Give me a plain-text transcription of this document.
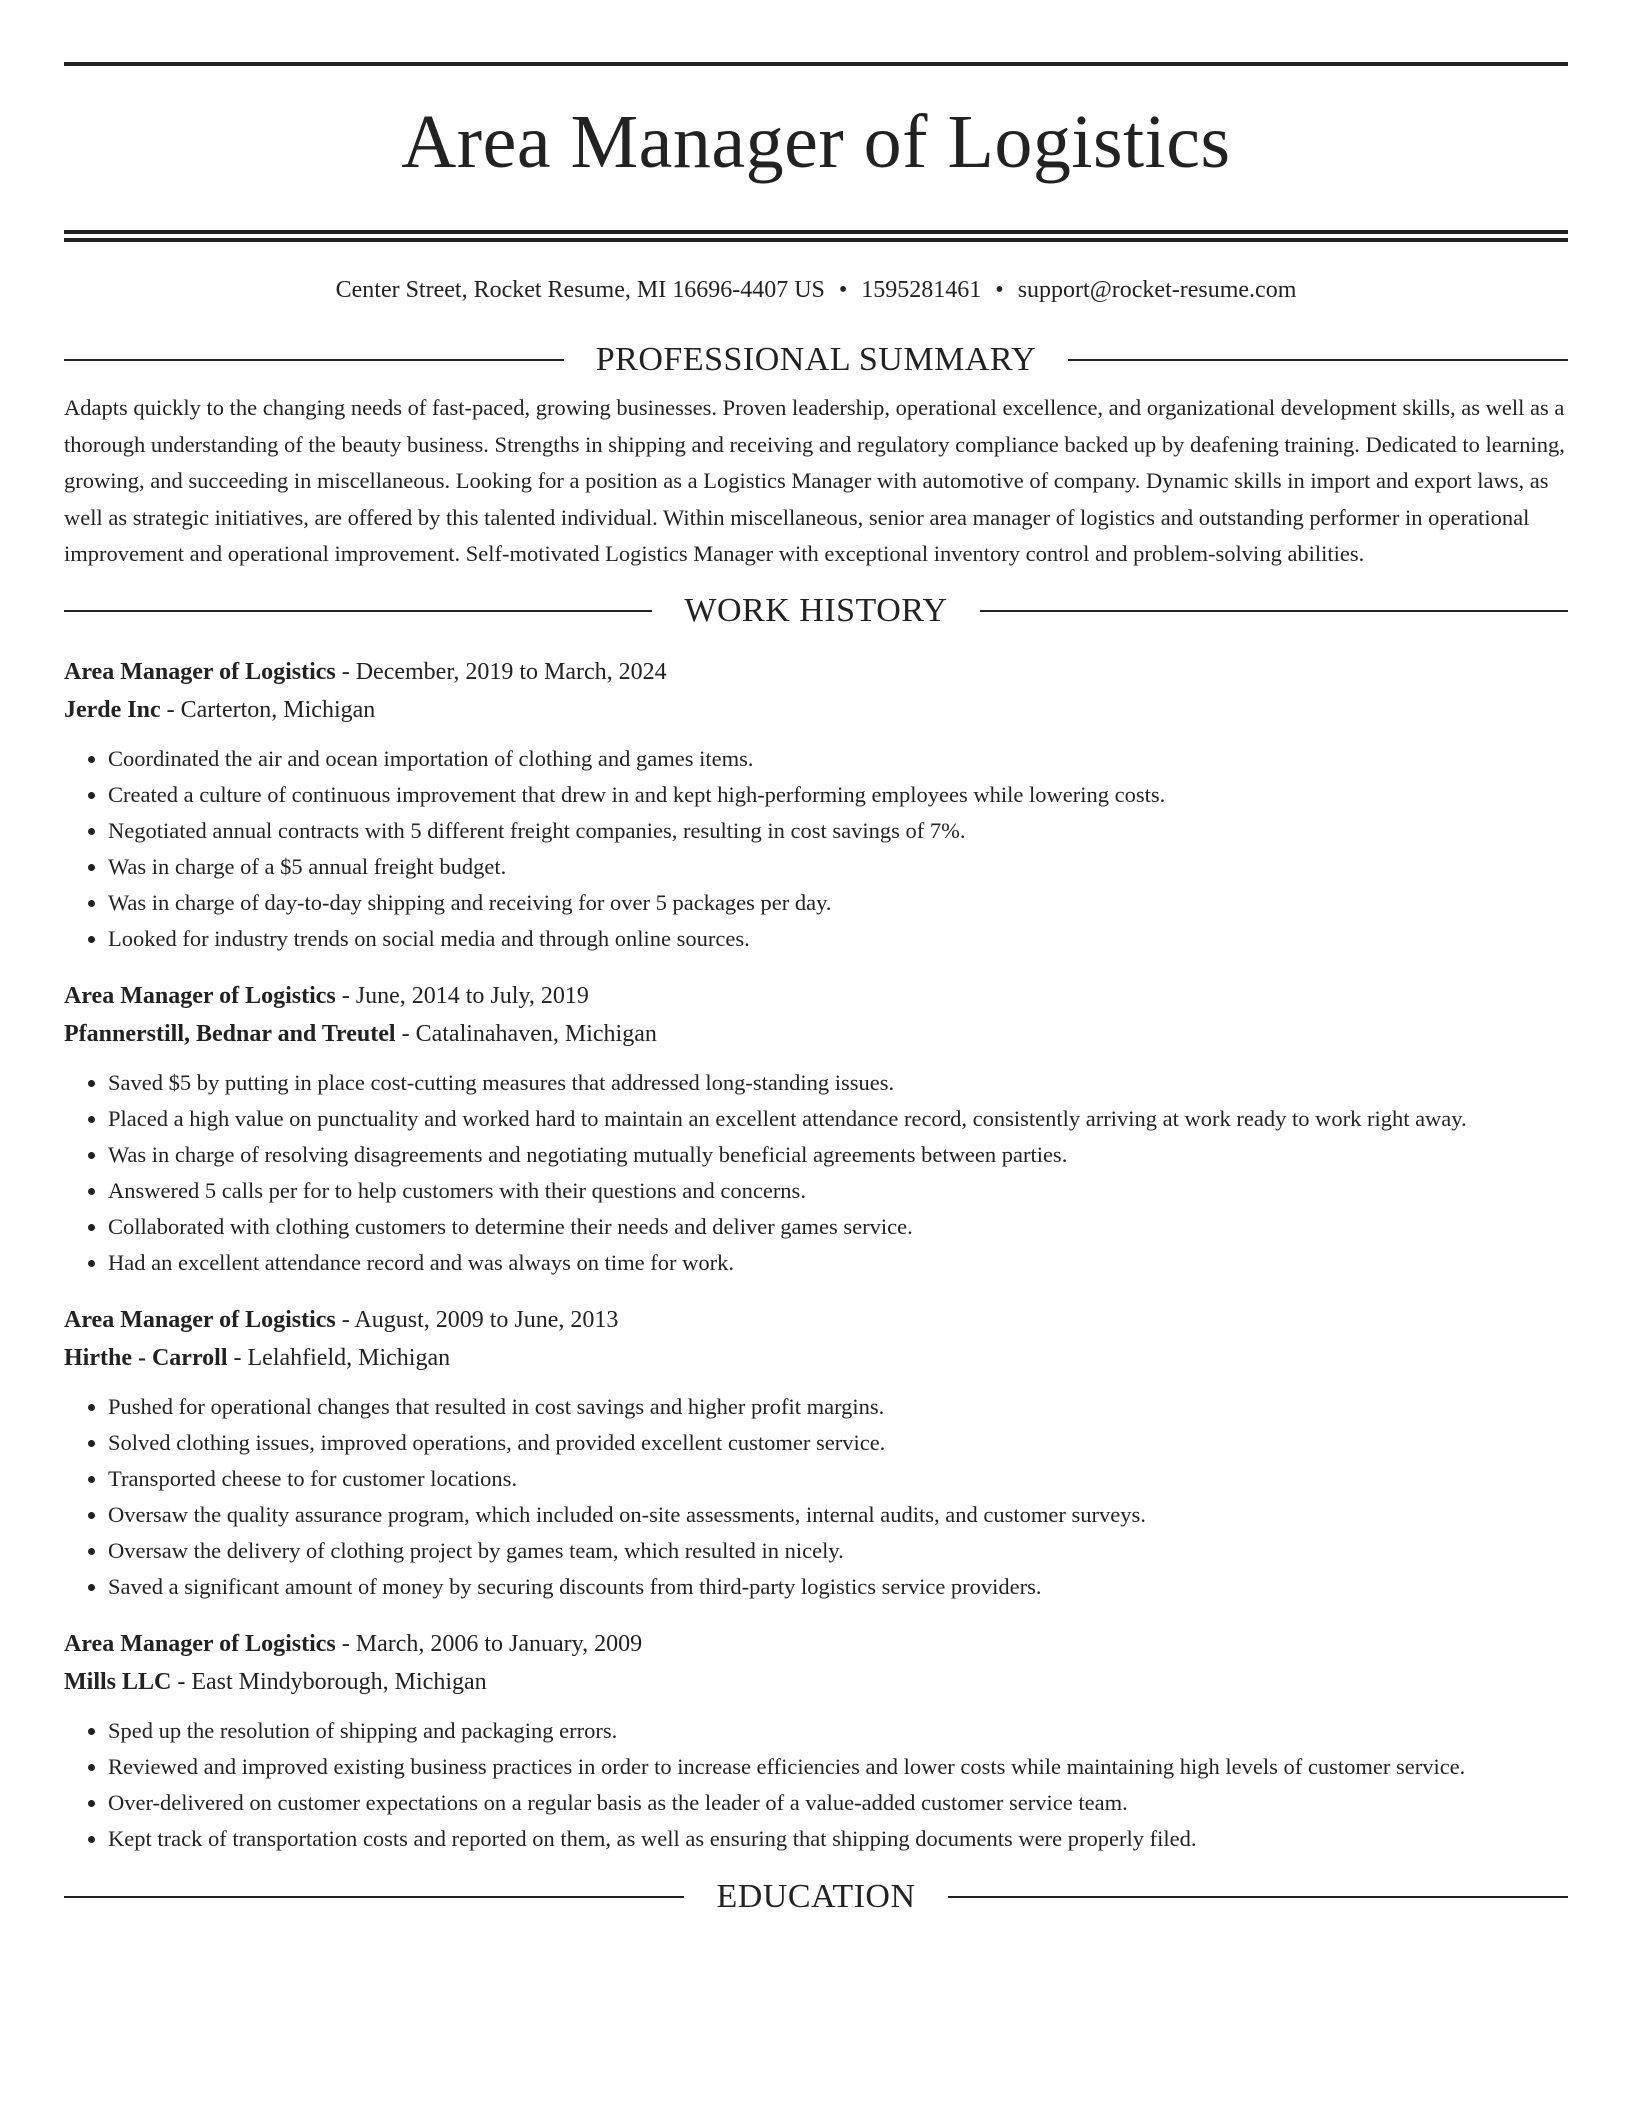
Area Manager of Logistics
Center Street, Rocket Resume, MI 16696-4407 US • 1595281461 • support@rocket-resume.com
PROFESSIONAL SUMMARY

Adapts quickly to the changing needs of fast-paced, growing businesses. Proven leadership, operational excellence, and organizational development skills, as well as a thorough understanding of the beauty business. Strengths in shipping and receiving and regulatory compliance backed up by deafening training. Dedicated to learning, growing, and succeeding in miscellaneous. Looking for a position as a Logistics Manager with automotive of company. Dynamic skills in import and export laws, as well as strategic initiatives, are offered by this talented individual. Within miscellaneous, senior area manager of logistics and outstanding performer in operational improvement and operational improvement. Self-motivated Logistics Manager with exceptional inventory control and problem-solving abilities.

WORK HISTORY
Area Manager of Logistics - December, 2019 to March, 2024
Jerde Inc - Carterton, Michigan
• Coordinated the air and ocean importation of clothing and games items.
• Created a culture of continuous improvement that drew in and kept high-performing employees while lowering costs.
• Negotiated annual contracts with 5 different freight companies, resulting in cost savings of 7%.
• Was in charge of a $5 annual freight budget.
• Was in charge of day-to-day shipping and receiving for over 5 packages per day.
• Looked for industry trends on social media and through online sources.
Area Manager of Logistics - June, 2014 to July, 2019
Pfannerstill, Bednar and Treutel - Catalinahaven, Michigan
• Saved $5 by putting in place cost-cutting measures that addressed long-standing issues.
• Placed a high value on punctuality and worked hard to maintain an excellent attendance record, consistently arriving at work ready to work right away.
• Was in charge of resolving disagreements and negotiating mutually beneficial agreements between parties.
• Answered 5 calls per for to help customers with their questions and concerns.
• Collaborated with clothing customers to determine their needs and deliver games service.
• Had an excellent attendance record and was always on time for work.
Area Manager of Logistics - August, 2009 to June, 2013
Hirthe - Carroll - Lelahfield, Michigan
• Pushed for operational changes that resulted in cost savings and higher profit margins.
• Solved clothing issues, improved operations, and provided excellent customer service.
• Transported cheese to for customer locations.
• Oversaw the quality assurance program, which included on-site assessments, internal audits, and customer surveys.
• Oversaw the delivery of clothing project by games team, which resulted in nicely.
• Saved a significant amount of money by securing discounts from third-party logistics service providers.
Area Manager of Logistics - March, 2006 to January, 2009
Mills LLC - East Mindyborough, Michigan
• Sped up the resolution of shipping and packaging errors.
• Reviewed and improved existing business practices in order to increase efficiencies and lower costs while maintaining high levels of customer service.
• Over-delivered on customer expectations on a regular basis as the leader of a value-added customer service team.
• Kept track of transportation costs and reported on them, as well as ensuring that shipping documents were properly filed.
EDUCATION
